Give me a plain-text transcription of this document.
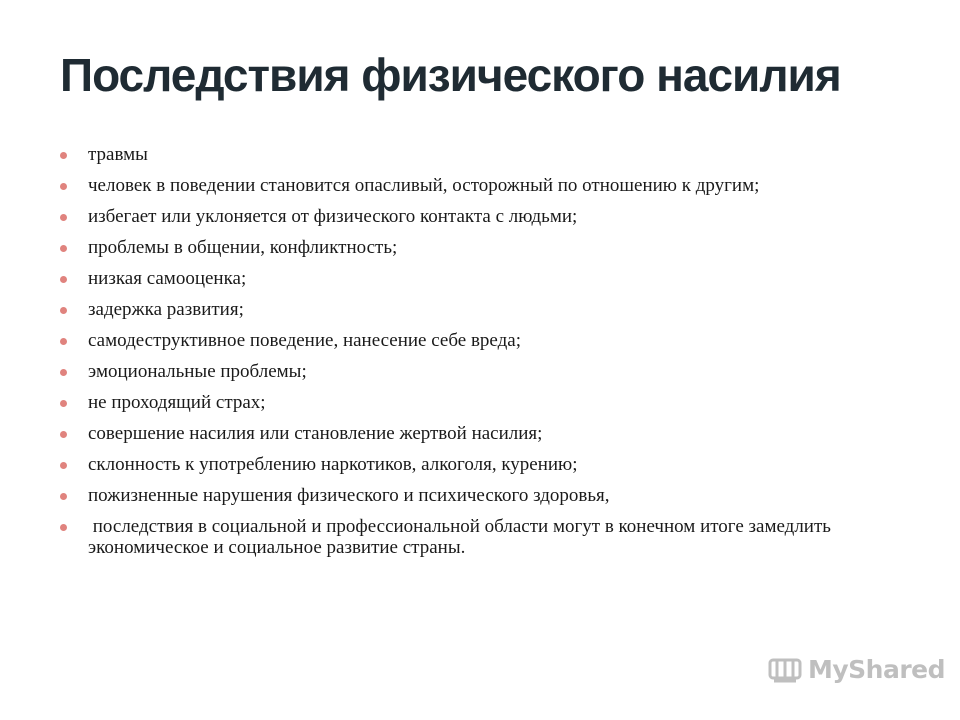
Последствия физического насилия
травмы
человек в поведении становится опасливый, осторожный по отношению к другим;
избегает или уклоняется от физического контакта с людьми;
проблемы в общении, конфликтность;
низкая самооценка;
задержка развития;
самодеструктивное поведение, нанесение себе вреда;
эмоциональные проблемы;
не проходящий страх;
совершение насилия или становление жертвой насилия;
склонность к употреблению наркотиков, алкоголя, курению;
пожизненные нарушения физического и психического здоровья,
последствия в социальной и профессиональной области могут в конечном итоге замедлить экономическое и социальное развитие страны.
MyShared
